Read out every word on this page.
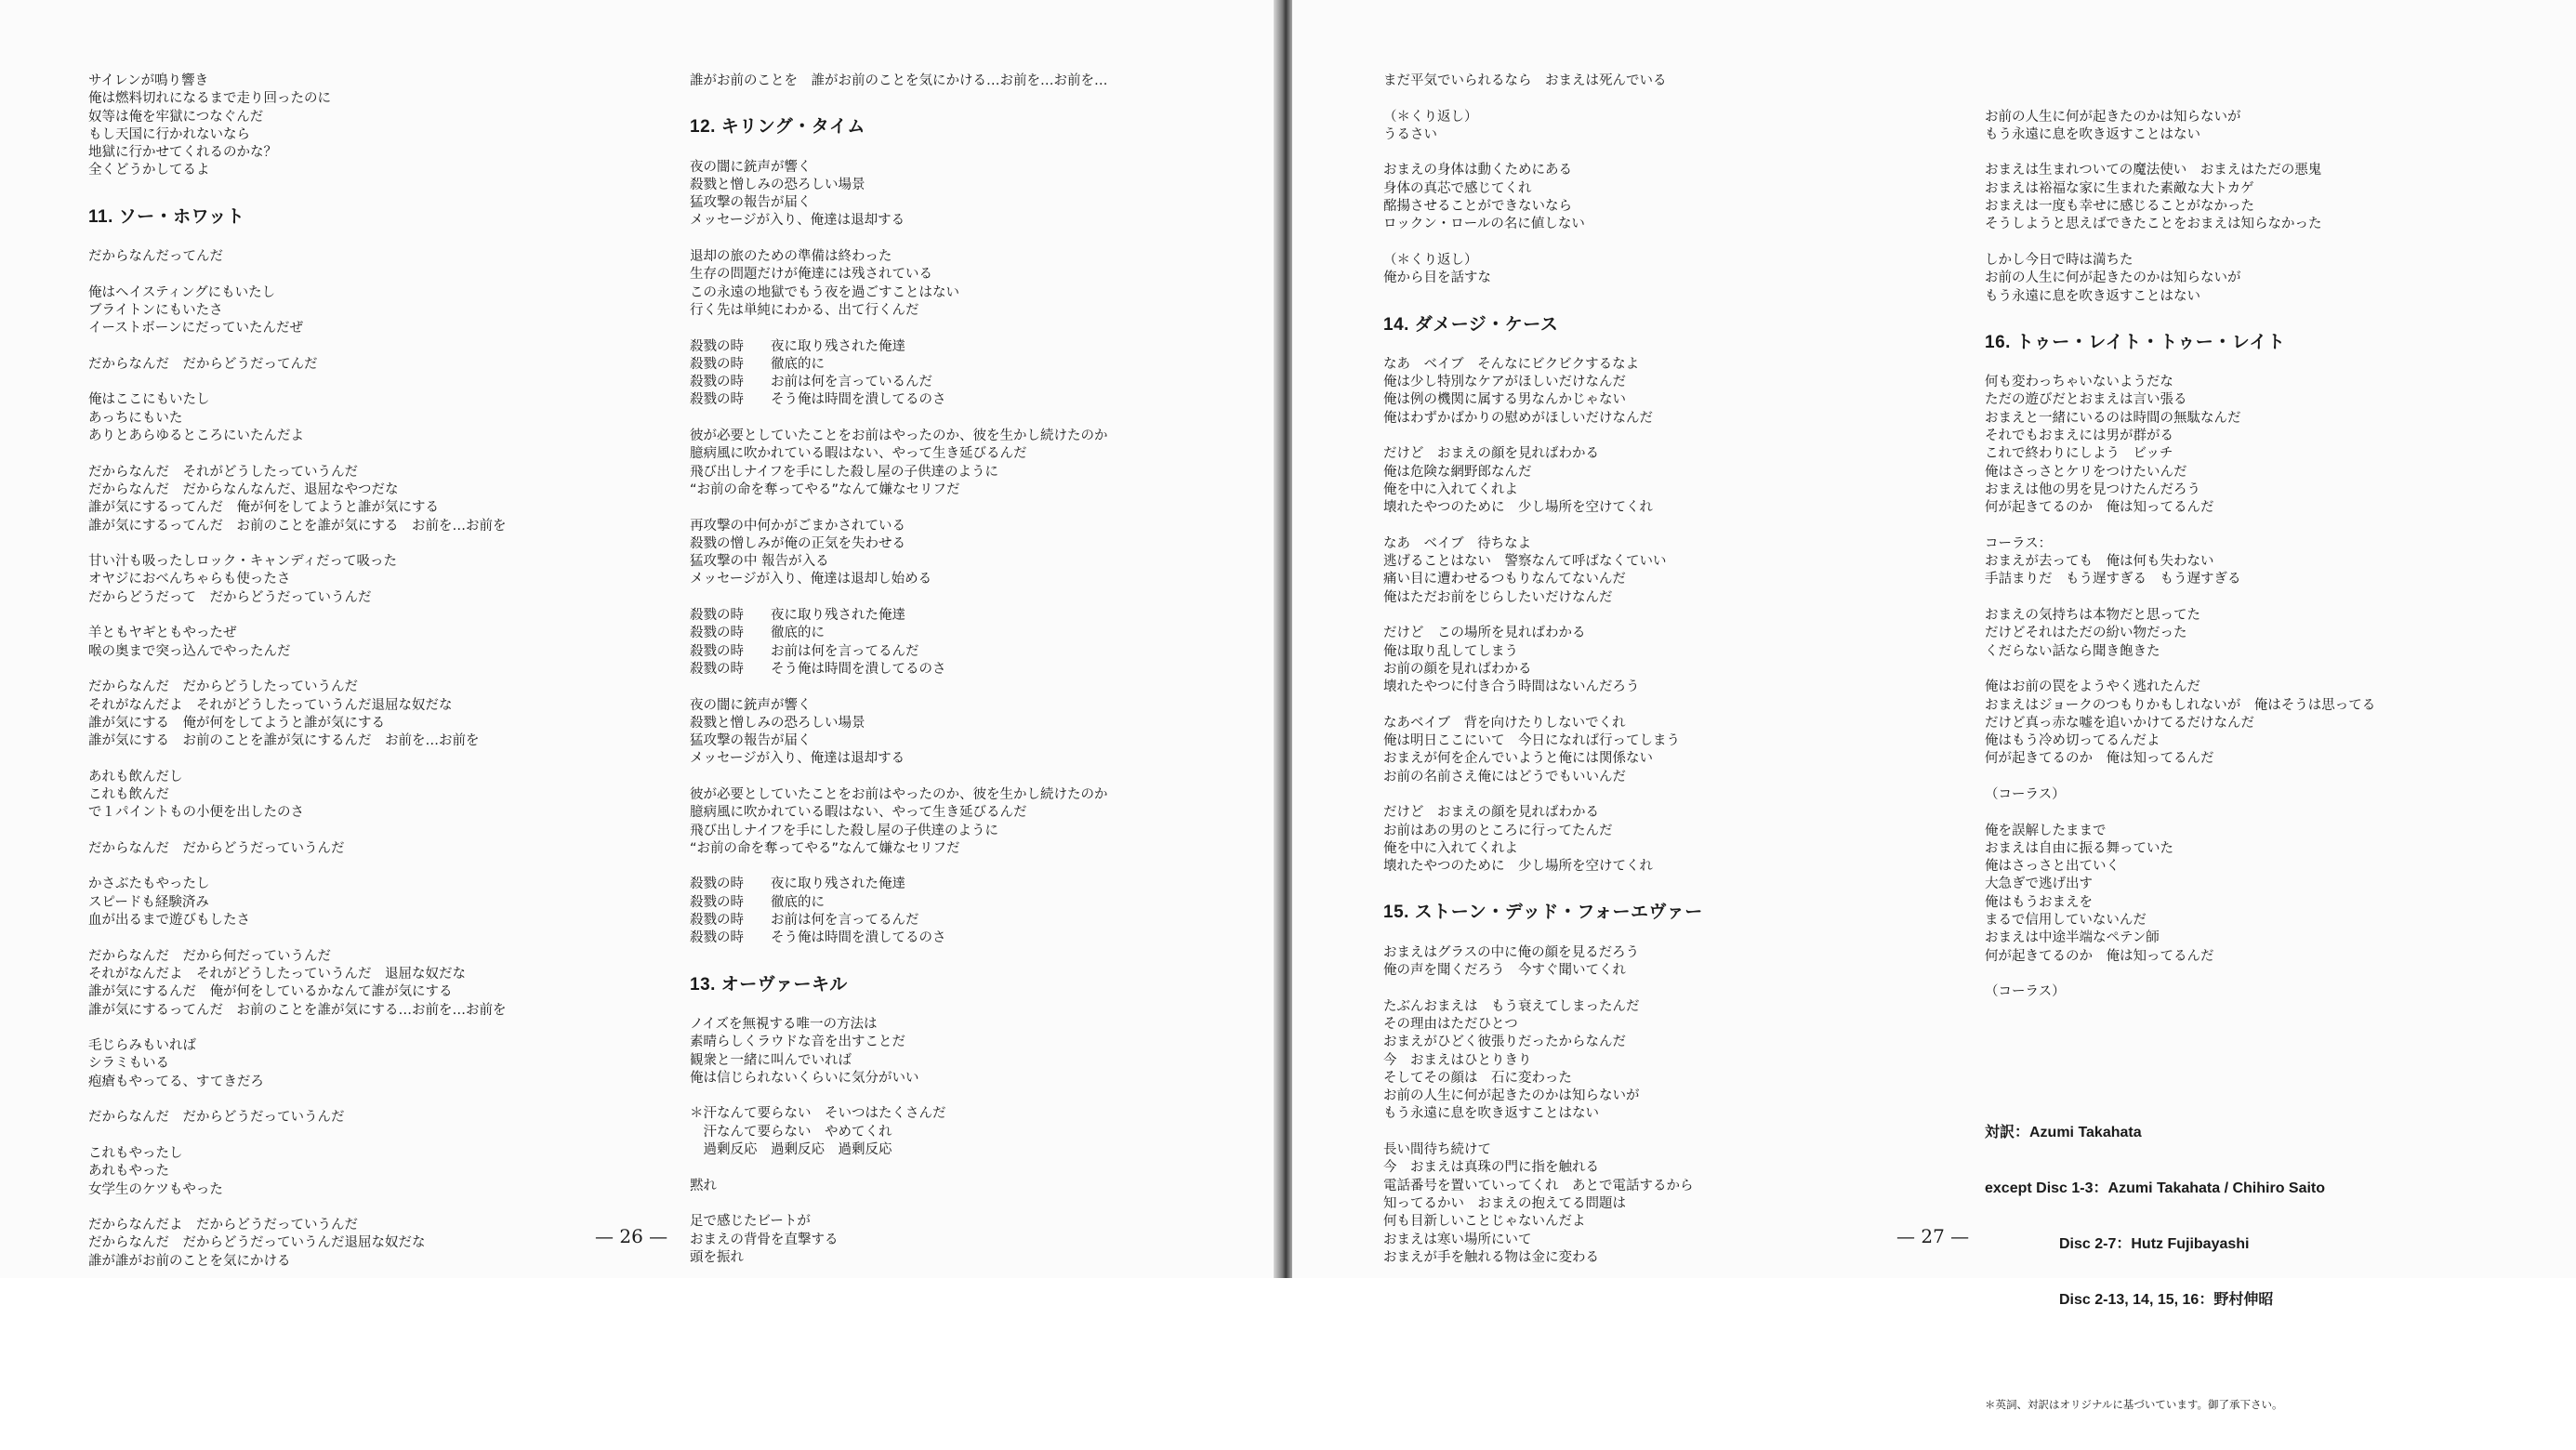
サイレンが鳴り響き
俺は燃料切れになるまで走り回ったのに
奴等は俺を牢獄につなぐんだ
もし天国に行かれないなら
地獄に行かせてくれるのかな？
全くどうかしてるよ
11. ソー・ホワット
だからなんだってんだ
俺はヘイスティングにもいたし
ブライトンにもいたさ
イーストボーンにだっていたんだぜ
だからなんだ　だからどうだってんだ
俺はここにもいたし
あっちにもいた
ありとあらゆるところにいたんだよ
だからなんだ　それがどうしたっていうんだ
だからなんだ　だからなんなんだ、退屈なやつだな
誰が気にするってんだ　俺が何をしてようと誰が気にする
誰が気にするってんだ　お前のことを誰が気にする　お前を…お前を
甘い汁も吸ったしロック・キャンディだって吸った
オヤジにおべんちゃらも使ったさ
だからどうだって　だからどうだっていうんだ
羊ともヤギともやったぜ
喉の奥まで突っ込んでやったんだ
だからなんだ　だからどうしたっていうんだ
それがなんだよ　それがどうしたっていうんだ退屈な奴だな
誰が気にする　俺が何をしてようと誰が気にする
誰が気にする　お前のことを誰が気にするんだ　お前を…お前を
あれも飲んだし
これも飲んだ
で１パイントもの小便を出したのさ
だからなんだ　だからどうだっていうんだ
かさぶたもやったし
スピードも経験済み
血が出るまで遊びもしたさ
だからなんだ　だから何だっていうんだ
それがなんだよ　それがどうしたっていうんだ　退屈な奴だな
誰が気にするんだ　俺が何をしているかなんて誰が気にする
誰が気にするってんだ　お前のことを誰が気にする…お前を…お前を
毛じらみもいれば
シラミもいる
疱瘡もやってる、すてきだろ
だからなんだ　だからどうだっていうんだ
これもやったし
あれもやった
女学生のケツもやった
だからなんだよ　だからどうだっていうんだ
だからなんだ　だからどうだっていうんだ退屈な奴だな
誰が誰がお前のことを気にかける
誰がお前のことを　誰がお前のことを気にかける…お前を…お前を…
12. キリング・タイム
夜の闇に銃声が響く
殺戮と憎しみの恐ろしい場景
猛攻撃の報告が届く
メッセージが入り、俺達は退却する
退却の旅のための準備は終わった
生存の問題だけが俺達には残されている
この永遠の地獄でもう夜を過ごすことはない
行く先は単純にわかる、出て行くんだ
殺戮の時　　夜に取り残された俺達
殺戮の時　　徹底的に
殺戮の時　　お前は何を言っているんだ
殺戮の時　　そう俺は時間を潰してるのさ
彼が必要としていたことをお前はやったのか、彼を生かし続けたのか
臆病風に吹かれている暇はない、やって生き延びるんだ
飛び出しナイフを手にした殺し屋の子供達のように
“お前の命を奪ってやる”なんて嫌なセリフだ
再攻撃の中何かがごまかされている
殺戮の憎しみが俺の正気を失わせる
猛攻撃の中 報告が入る
メッセージが入り、俺達は退却し始める
殺戮の時　　夜に取り残された俺達
殺戮の時　　徹底的に
殺戮の時　　お前は何を言ってるんだ
殺戮の時　　そう俺は時間を潰してるのさ
夜の闇に銃声が響く
殺戮と憎しみの恐ろしい場景
猛攻撃の報告が届く
メッセージが入り、俺達は退却する
彼が必要としていたことをお前はやったのか、彼を生かし続けたのか
臆病風に吹かれている暇はない、やって生き延びるんだ
飛び出しナイフを手にした殺し屋の子供達のように
“お前の命を奪ってやる”なんて嫌なセリフだ
殺戮の時　　夜に取り残された俺達
殺戮の時　　徹底的に
殺戮の時　　お前は何を言ってるんだ
殺戮の時　　そう俺は時間を潰してるのさ
13. オーヴァーキル
ノイズを無視する唯一の方法は
素晴らしくラウドな音を出すことだ
観衆と一緒に叫んでいれば
俺は信じられないくらいに気分がいい
＊汗なんて要らない　そいつはたくさんだ
　汗なんて要らない　やめてくれ
　過剰反応　過剰反応　過剰反応
黙れ
足で感じたビートが
おまえの背骨を直撃する
頭を振れ
— 26 —
まだ平気でいられるなら　おまえは死んでいる
（＊くり返し）
うるさい
おまえの身体は動くためにある
身体の真芯で感じてくれ
酩揚させることができないなら
ロックン・ロールの名に値しない
（＊くり返し）
俺から目を話すな
14. ダメージ・ケース
なあ　ベイブ　そんなにビクビクするなよ
俺は少し特別なケアがほしいだけなんだ
俺は例の機関に属する男なんかじゃない
俺はわずかばかりの慰めがほしいだけなんだ
だけど　おまえの顔を見ればわかる
俺は危険な網野郎なんだ
俺を中に入れてくれよ
壊れたやつのために　少し場所を空けてくれ
なあ　ベイブ　待ちなよ
逃げることはない　警察なんて呼ばなくていい
痛い目に遭わせるつもりなんてないんだ
俺はただお前をじらしたいだけなんだ
だけど　この場所を見ればわかる
俺は取り乱してしまう
お前の顔を見ればわかる
壊れたやつに付き合う時間はないんだろう
なあベイブ　背を向けたりしないでくれ
俺は明日ここにいて　今日になれば行ってしまう
おまえが何を企んでいようと俺には関係ない
お前の名前さえ俺にはどうでもいいんだ
だけど　おまえの顔を見ればわかる
お前はあの男のところに行ってたんだ
俺を中に入れてくれよ
壊れたやつのために　少し場所を空けてくれ
15. ストーン・デッド・フォーエヴァー
おまえはグラスの中に俺の顔を見るだろう
俺の声を聞くだろう　今すぐ聞いてくれ
たぶんおまえは　もう衰えてしまったんだ
その理由はただひとつ
おまえがひどく彼張りだったからなんだ
今　おまえはひとりきり
そしてその顔は　石に変わった
お前の人生に何が起きたのかは知らないが
もう永遠に息を吹き返すことはない
長い間待ち続けて
今　おまえは真珠の門に指を触れる
電話番号を置いていってくれ　あとで電話するから
知ってるかい　おまえの抱えてる問題は
何も目新しいことじゃないんだよ
おまえは寒い場所にいて
おまえが手を触れる物は金に変わる

お前の人生に何が起きたのかは知らないが
もう永遠に息を吹き返すことはない
おまえは生まれついての魔法使い　おまえはただの悪鬼
おまえは裕福な家に生まれた素敵な大トカゲ
おまえは一度も幸せに感じることがなかった
そうしようと思えばできたことをおまえは知らなかった
しかし今日で時は満ちた
お前の人生に何が起きたのかは知らないが
もう永遠に息を吹き返すことはない
16. トゥー・レイト・トゥー・レイト
何も変わっちゃいないようだな
ただの遊びだとおまえは言い張る
おまえと一緒にいるのは時間の無駄なんだ
それでもおまえには男が群がる
これで終わりにしよう　ビッチ
俺はさっさとケリをつけたいんだ
おまえは他の男を見つけたんだろう
何が起きてるのか　俺は知ってるんだ
コーラス：
おまえが去っても　俺は何も失わない
手詰まりだ　もう遅すぎる　もう遅すぎる
おまえの気持ちは本物だと思ってた
だけどそれはただの紛い物だった
くだらない話なら聞き飽きた
俺はお前の罠をようやく逃れたんだ
おまえはジョークのつもりかもしれないが　俺はそうは思ってる
だけど真っ赤な嘘を追いかけてるだけなんだ
俺はもう冷め切ってるんだよ
何が起きてるのか　俺は知ってるんだ
（コーラス）
俺を誤解したままで
おまえは自由に振る舞っていた
俺はさっさと出ていく
大急ぎで逃げ出す
俺はもうおまえを
まるで信用していないんだ
おまえは中途半端なペテン師
何が起きてるのか　俺は知ってるんだ
（コーラス）

対訳：Azumi Takahata

except Disc 1-3：Azumi Takahata / Chihiro Saito

Disc 2-7：Hutz Fujibayashi

Disc 2-13, 14, 15, 16：野村伸昭

＊英詞、対訳はオリジナルに基づいています。御了承下さい。

— 27 —
